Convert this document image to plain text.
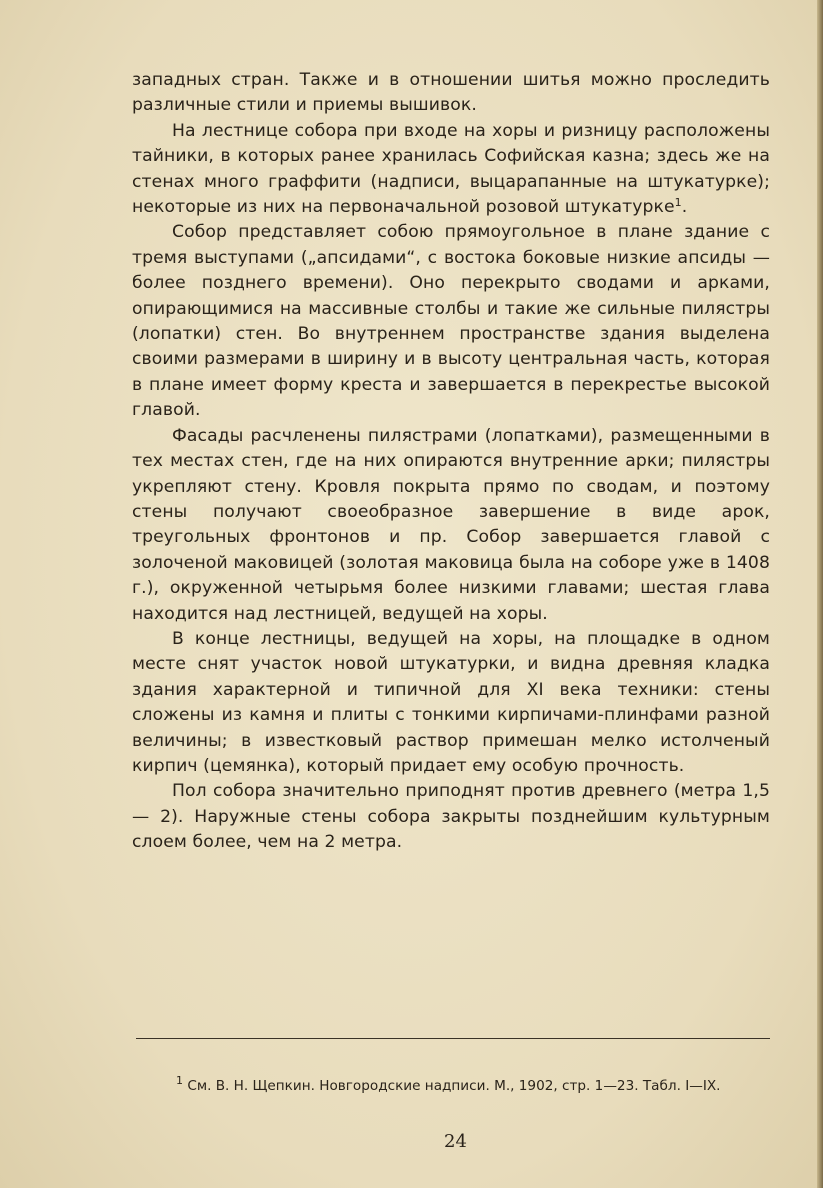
западных стран. Также и в отношении шитья можно проследить различные стили и приемы вышивок.

На лестнице собора при входе на хоры и ризницу расположены тайники, в которых ранее хранилась Софийская казна; здесь же на стенах много граффити (надписи, выцарапанные на штукатурке); некоторые из них на первоначальной розовой штукатурке$^1$.

Собор представляет собою прямоугольное в плане здание с тремя выступами („апсидами“, с востока боковые низкие апсиды — более позднего времени). Оно перекрыто сводами и арками, опирающимися на массивные столбы и такие же сильные пилястры (лопатки) стен. Во внутреннем пространстве здания выделена своими размерами в ширину и в высоту центральная часть, которая в плане имеет форму креста и завершается в перекрестье высокой главой.

Фасады расчленены пилястрами (лопатками), размещенными в тех местах стен, где на них опираются внутренние арки; пилястры укрепляют стену. Кровля покрыта прямо по сводам, и поэтому стены получают своеобразное завершение в виде арок, треугольных фронтонов и пр. Собор завершается главой с золоченой маковицей (золотая маковица была на соборе уже в 1408 г.), окруженной четырьмя более низкими главами; шестая глава находится над лестницей, ведущей на хоры.

В конце лестницы, ведущей на хоры, на площадке в одном месте снят участок новой штукатурки, и видна древняя кладка здания характерной и типичной для XI века техники: стены сложены из камня и плиты с тонкими кирпичами-плинфами разной величины; в известковый раствор примешан мелко истолченый кирпич (цемянка), который придает ему особую прочность.

Пол собора значительно приподнят против древнего (метра 1,5 — 2). Наружные стены собора закрыты позднейшим культурным слоем более, чем на 2 метра.

$^1$ См. В. Н. Щепкин. Новгородские надписи. М., 1902, стр. 1—23. Табл. I—IX.
24
